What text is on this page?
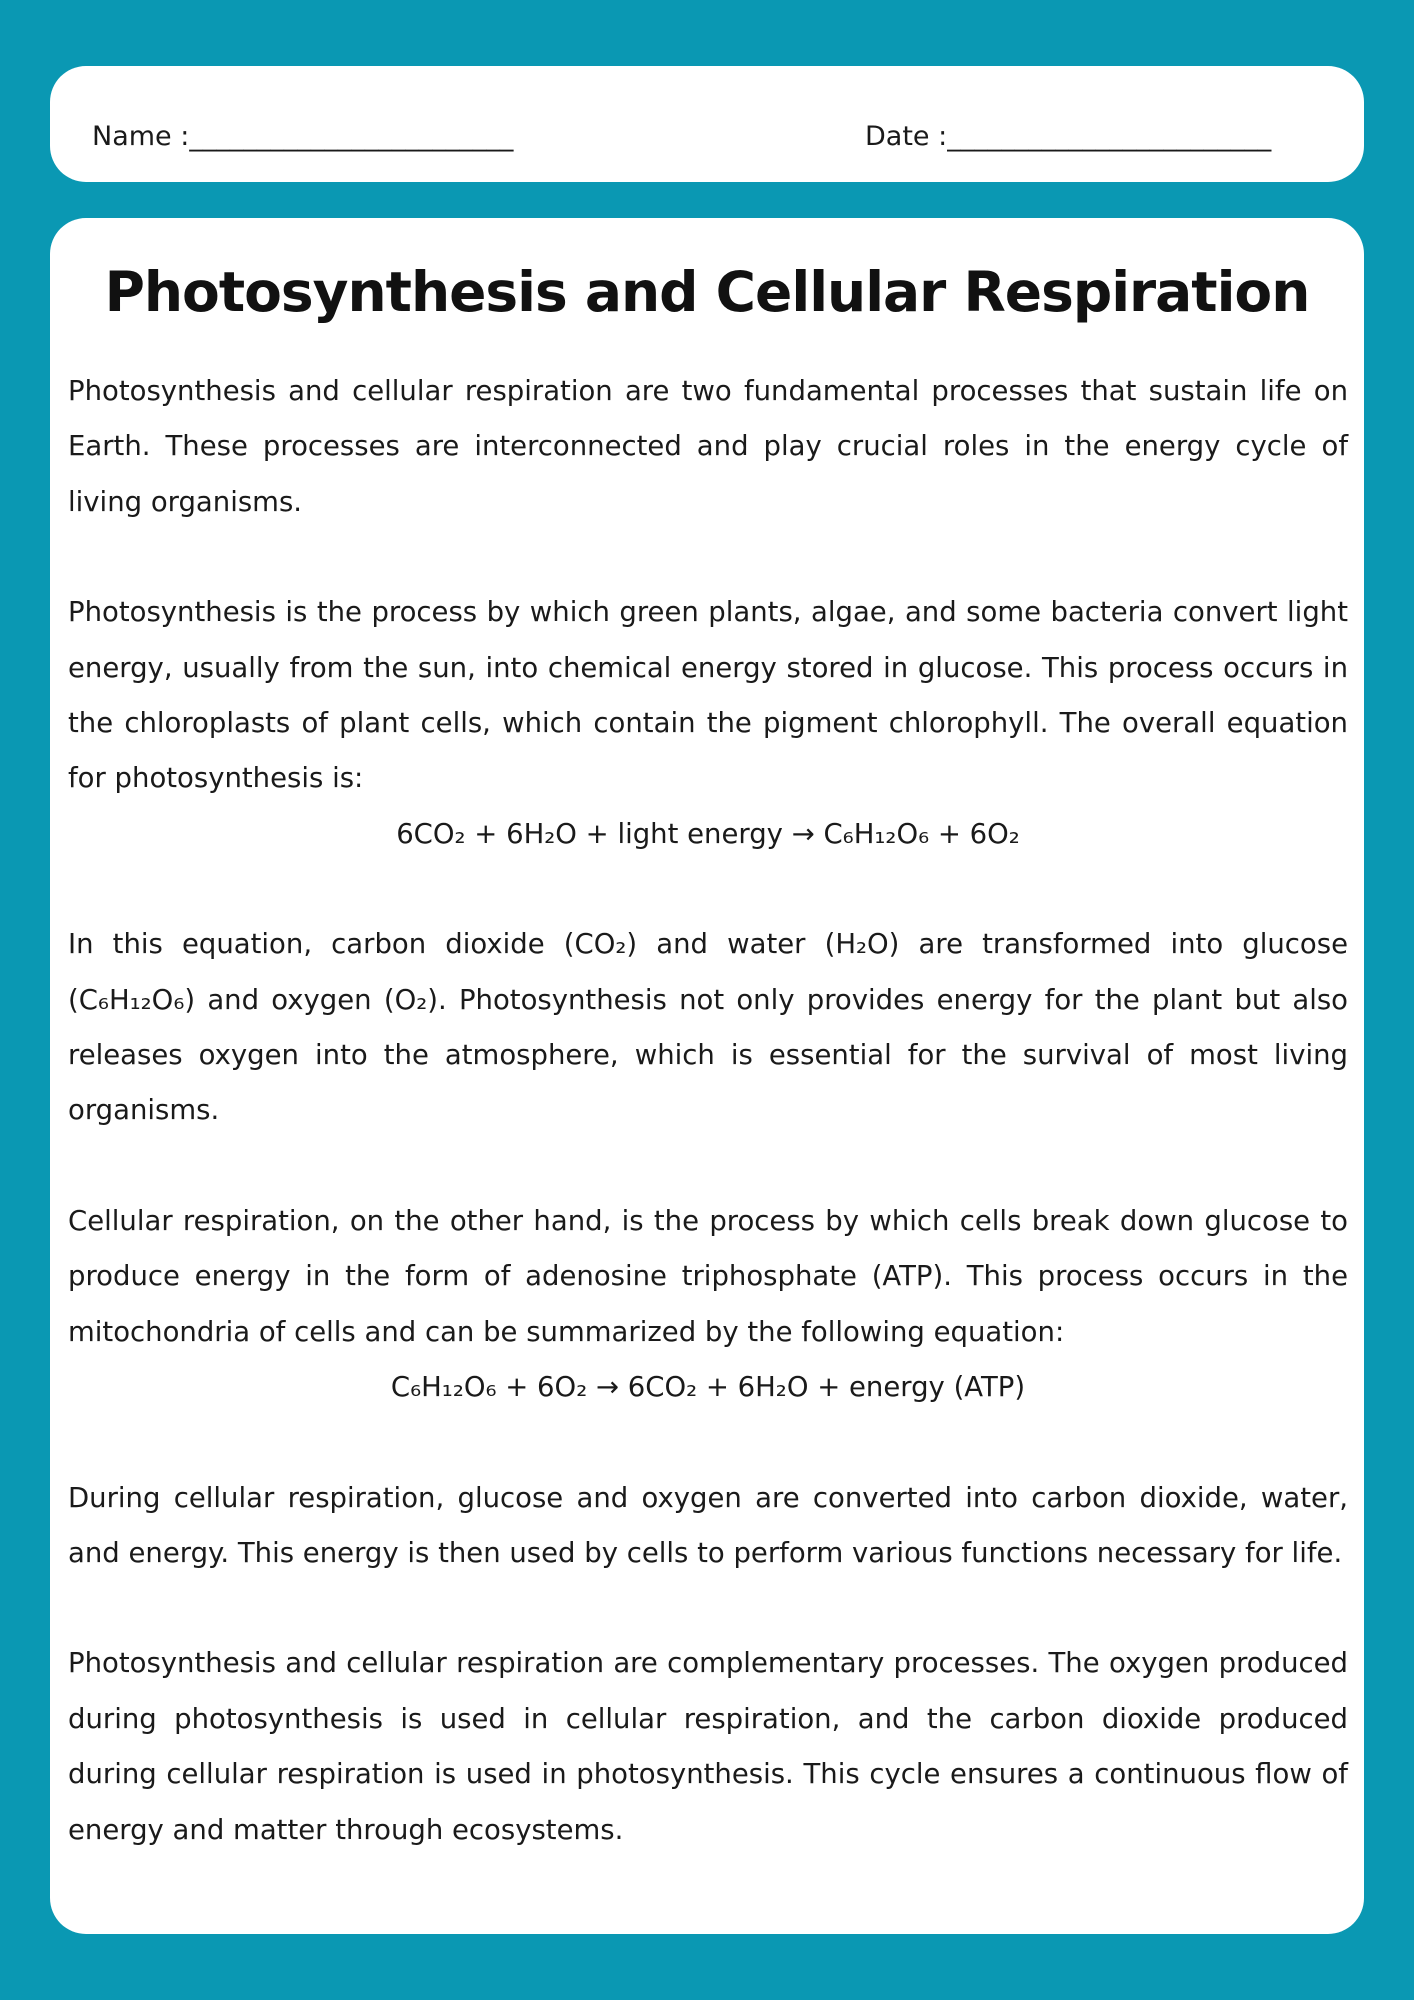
Name :________________________	Date :________________________
Photosynthesis and Cellular Respiration

Photosynthesis and cellular respiration are two fundamental processes that sustain life on Earth. These processes are interconnected and play crucial roles in the energy cycle of living organisms.

Photosynthesis is the process by which green plants, algae, and some bacteria convert light energy, usually from the sun, into chemical energy stored in glucose. This process occurs in the chloroplasts of plant cells, which contain the pigment chlorophyll. The overall equation for photosynthesis is:

6CO₂ + 6H₂O + light energy → C₆H₁₂O₆ + 6O₂

In this equation, carbon dioxide (CO₂) and water (H₂O) are transformed into glucose (C₆H₁₂O₆) and oxygen (O₂). Photosynthesis not only provides energy for the plant but also releases oxygen into the atmosphere, which is essential for the survival of most living organisms.

Cellular respiration, on the other hand, is the process by which cells break down glucose to produce energy in the form of adenosine triphosphate (ATP). This process occurs in the mitochondria of cells and can be summarized by the following equation:

C₆H₁₂O₆ + 6O₂ → 6CO₂ + 6H₂O + energy (ATP)

During cellular respiration, glucose and oxygen are converted into carbon dioxide, water, and energy. This energy is then used by cells to perform various functions necessary for life.

Photosynthesis and cellular respiration are complementary processes. The oxygen produced during photosynthesis is used in cellular respiration, and the carbon dioxide produced during cellular respiration is used in photosynthesis. This cycle ensures a continuous flow of energy and matter through ecosystems.
